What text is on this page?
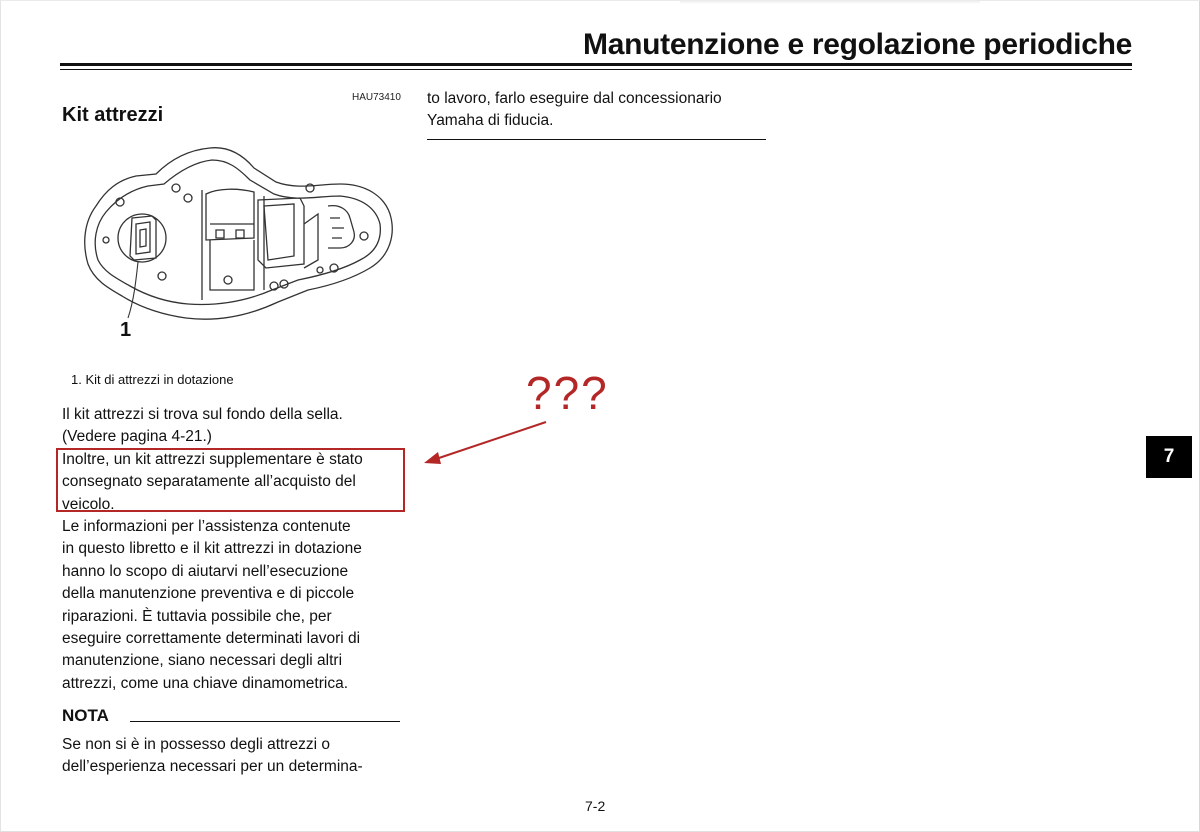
Manutenzione e regolazione periodiche
HAU73410
Kit attrezzi
1
1. Kit di attrezzi in dotazione

Il kit attrezzi si trova sul fondo della sella.

(Vedere pagina 4-21.)

Inoltre, un kit attrezzi supplementare è stato

consegnato separatamente all’acquisto del

veicolo.

Le informazioni per l’assistenza contenute

in questo libretto e il kit attrezzi in dotazione

hanno lo scopo di aiutarvi nell’esecuzione

della manutenzione preventiva e di piccole

riparazioni. È tuttavia possibile che, per

eseguire correttamente determinati lavori di

manutenzione, siano necessari degli altri

attrezzi, come una chiave dinamometrica.

NOTA

Se non si è in possesso degli attrezzi o

dell’esperienza necessari per un determina-

to lavoro, farlo eseguire dal concessionario
Yamaha di fiducia.
???
7
7-2
